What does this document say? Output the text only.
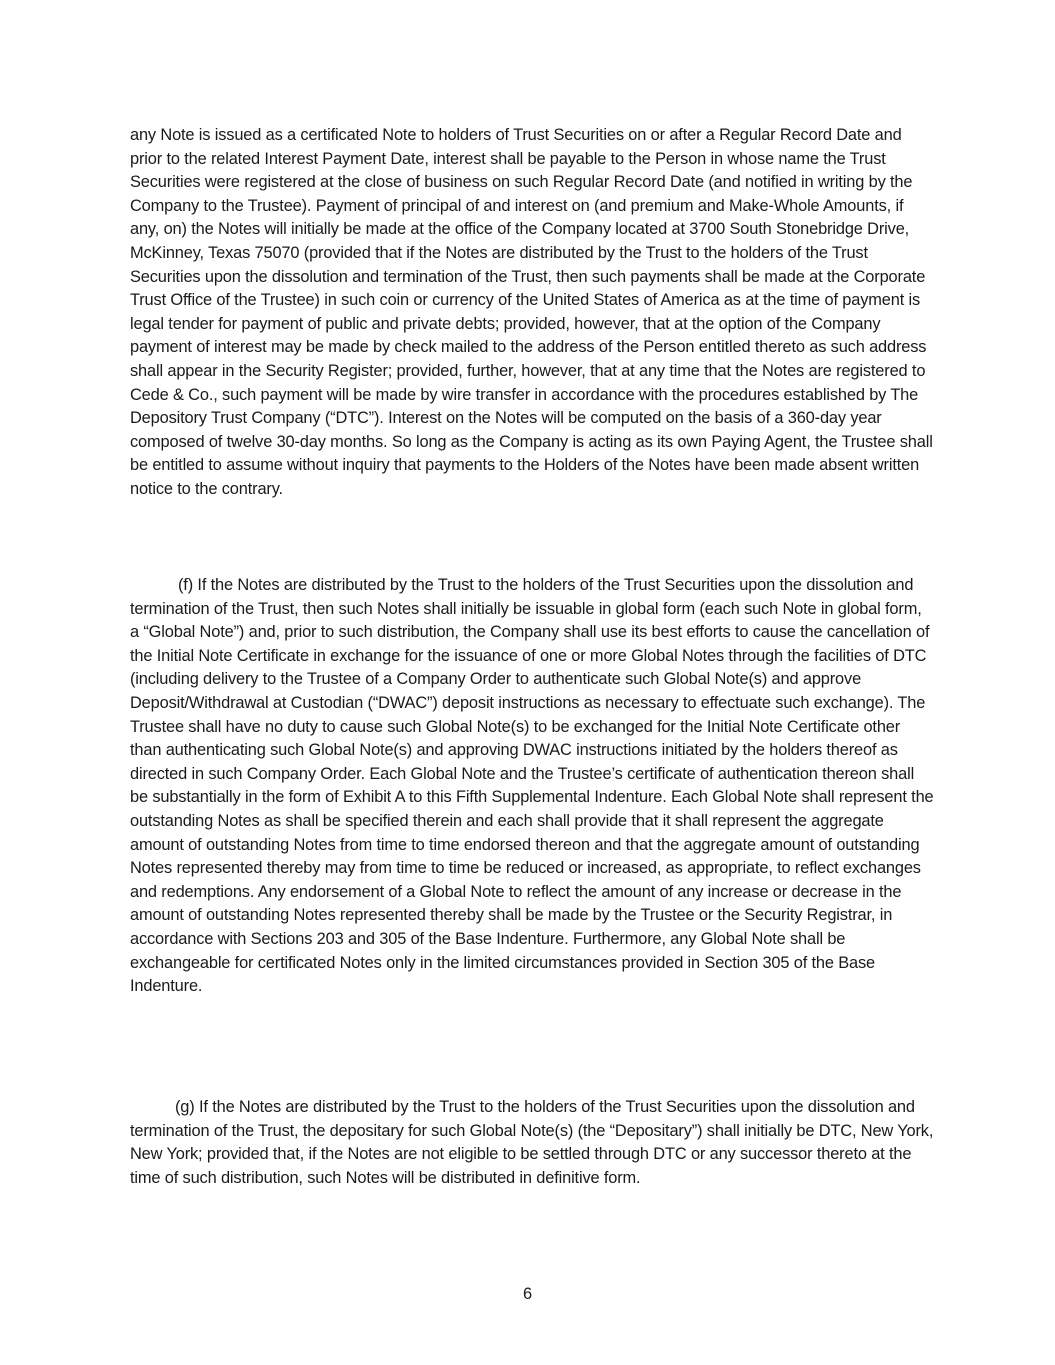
any Note is issued as a certificated Note to holders of Trust Securities on or after a Regular Record Date and prior to the related Interest Payment Date, interest shall be payable to the Person in whose name the Trust Securities were registered at the close of business on such Regular Record Date (and notified in writing by the Company to the Trustee). Payment of principal of and interest on (and premium and Make-Whole Amounts, if any, on) the Notes will initially be made at the office of the Company located at 3700 South Stonebridge Drive, McKinney, Texas 75070 (provided that if the Notes are distributed by the Trust to the holders of the Trust Securities upon the dissolution and termination of the Trust, then such payments shall be made at the Corporate Trust Office of the Trustee) in such coin or currency of the United States of America as at the time of payment is legal tender for payment of public and private debts; provided, however, that at the option of the Company payment of interest may be made by check mailed to the address of the Person entitled thereto as such address shall appear in the Security Register; provided, further, however, that at any time that the Notes are registered to Cede & Co., such payment will be made by wire transfer in accordance with the procedures established by The Depository Trust Company (“DTC”). Interest on the Notes will be computed on the basis of a 360-day year composed of twelve 30-day months. So long as the Company is acting as its own Paying Agent, the Trustee shall be entitled to assume without inquiry that payments to the Holders of the Notes have been made absent written notice to the contrary.

(f) If the Notes are distributed by the Trust to the holders of the Trust Securities upon the dissolution and termination of the Trust, then such Notes shall initially be issuable in global form (each such Note in global form, a “Global Note”) and, prior to such distribution, the Company shall use its best efforts to cause the cancellation of the Initial Note Certificate in exchange for the issuance of one or more Global Notes through the facilities of DTC (including delivery to the Trustee of a Company Order to authenticate such Global Note(s) and approve Deposit/Withdrawal at Custodian (“DWAC”) deposit instructions as necessary to effectuate such exchange). The Trustee shall have no duty to cause such Global Note(s) to be exchanged for the Initial Note Certificate other than authenticating such Global Note(s) and approving DWAC instructions initiated by the holders thereof as directed in such Company Order. Each Global Note and the Trustee’s certificate of authentication thereon shall be substantially in the form of Exhibit A to this Fifth Supplemental Indenture. Each Global Note shall represent the outstanding Notes as shall be specified therein and each shall provide that it shall represent the aggregate amount of outstanding Notes from time to time endorsed thereon and that the aggregate amount of outstanding Notes represented thereby may from time to time be reduced or increased, as appropriate, to reflect exchanges and redemptions. Any endorsement of a Global Note to reflect the amount of any increase or decrease in the amount of outstanding Notes represented thereby shall be made by the Trustee or the Security Registrar, in accordance with Sections 203 and 305 of the Base Indenture. Furthermore, any Global Note shall be exchangeable for certificated Notes only in the limited circumstances provided in Section 305 of the Base Indenture.

(g) If the Notes are distributed by the Trust to the holders of the Trust Securities upon the dissolution and termination of the Trust, the depositary for such Global Note(s) (the “Depositary”) shall initially be DTC, New York, New York; provided that, if the Notes are not eligible to be settled through DTC or any successor thereto at the time of such distribution, such Notes will be distributed in definitive form.

6
